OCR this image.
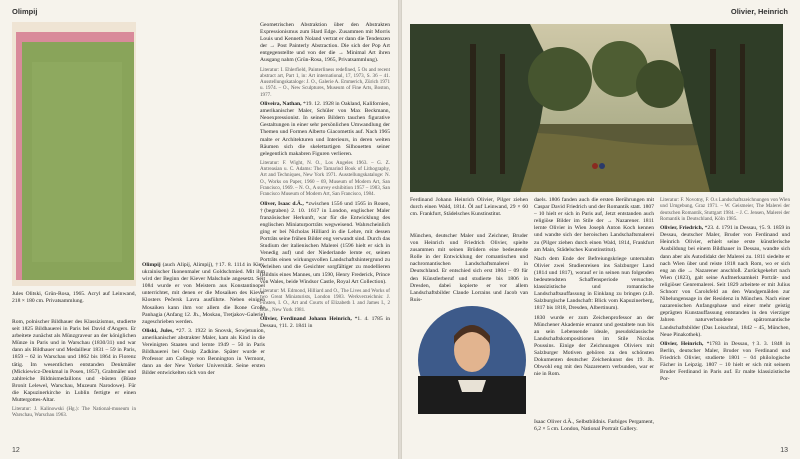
Olimpij
Jules Olitski, Grün-Rosa, 1965. Acryl auf Leinwand, 218 × 180 cm. Privatsammlung.

Rom, polnischer Bildhauer des Klassizismus, studierte seit 1825 Bildhauerei in Paris bei David d'Angers. Er arbeitete zunächst als Münzgraveur an der königlichen Münze in Paris und in Warschau (1830/31) und war dann als Bildhauer und Medailleur 1831 – 59 in Paris, 1859 – 62 in Warschau und 1862 bis 1864 in Florenz tätig. Im wesentlichen entstanden Denkmäler (Mickiewicz-Denkmal in Posen, 1857), Grabmäler und zahlreiche Bildnismedaillons und -büsten (Büste Bronit Lelewel, Warschau, Muzeum Narodowe). Für die Kapuzinerkirche in Lublin fertigte er einen Muttergottes-Altar.

Literatur: J. Kalinowski (Hg.): The National-museum in Warschau, Warschau 1963.

Olimpij (auch Alipij, Alimpij), †17. 8. 1114 in Kiev, ukrainischer Ikonenmaler und Goldschmied. Mit ihm wird der Beginn der Kiever Malschule angesetzt. Seit 1084 wurde er von Meistern aus Konstantinopel unterrichtet, mit denen er die Mosaiken des Kiever Klosters Pečersk Lavra ausführte. Neben einigen Mosaiken kann ihm vor allem die Ikone Große Panhagia (Anfang 12. Jh., Moskau, Tretjakov-Galerie) zugeschrieben werden.

Oliski, Jules, *27. 3. 1922 in Snovsk, Sowjetunion, amerikanischer abstrakter Maler, kam als Kind in die Vereinigten Staaten und lernte 1949 – 50 in Paris Bildhauerei bei Ossip Zadkine. Später wurde er Professor am College von Bennington in Vermont, dann an der New Yorker Universität. Seine ersten Bilder entwickelten sich von der

Geometrischen Abstraktion über den Abstrakten Expressionismus zum Hard Edge. Zusammen mit Morris Louis und Kenneth Noland vertrat er dann die Tendenzen der → Post Painterly Abstraction. Die sich der Pop Art entgegenstellte und von der die → Minimal Art ihren Ausgang nahm (Grün-Rosa, 1965, Privatsammlung).

Literatur: I. Ehlerfield, Painterliness redefined, 5 Os and recent abstract art, Part 1, in: Art international, 17, 1973, S. 36 – 41. Ausstellungskataloge: J. O., Galerie A. Emmerich, Zürich 1971 u. 1974. – O., New Sculptures, Museum of Fine Arts, Boston, 1977.

Oliveira, Nathan, *19. 12. 1928 in Oakland, Kalifornien, amerikanischer Maler, Schüler von Max Beckmann, Neoexpressionist. In seinen Bildern tauchen figurative Gestaltungen in einer sehr persönlichen Umwandlung der Themen und Formen Alberto Giacomettis auf. Nach 1965 malte er Architekturen und Interieurs, in deren weiten Räumen sich die skelettartigen Silhouetten seiner gelegentlich makabren Figuren verlieren.

Literatur: F. Wight, N. O., Los Angeles 1963. – G. Z. Antreasian u. C. Adams: The Tamarind Book of Lithography, Art and Techniques, New York 1971. Ausstellungskataloge: N. O., Works on Paper, 1960 – 69, Museum of Modern Art, San Francisco, 1969. – N. O., A survey exhibition 1957 – 1983, San Francisco Museum of Modern Art, San Francisco, 1984.

Oliver, Isaac d.Ä., *zwischen 1556 und 1565 in Rouen, †(begraben) 2. 10. 1617 in London, englischer Maler französischer Herkunft, war für die Entwicklung des englischen Miniaturporträts wegweisend. Wahrscheinlich ging er bei Nicholas Hilliard in die Lehre, mit dessen Porträts seine frühen Bilder eng verwandt sind. Durch das Studium der italienischen Malerei (1596 hielt er sich in Venedig auf) und der Niederlande lernte er, seinen Porträts einen wirkungsvollen Landschaftshintergrund zu verleihen und die Gesichter sorgfältiger zu modellieren (Bildnis eines Mannes, um 1590, Henry Frederick, Prince von Wales, beide Windsor Castle, Royal Art Collection).

Literatur: M. Edmond, Hilliard and O., The Lives and Works of two Great Miniaturists, London 1983. Werkverzeichnis: J. Finsten, I. O., Art and Courts of Elizabeth I. and James I., 2 Bde., New York 1981.

Olivier, Ferdinand Johann Heinrich, *1. 4. 1785 in Dessau, †11. 2. 1841 in

12
Olivier, Heinrich
Ferdinand Johann Heinrich Olivier, Pilger ziehen durch einen Wald, 1814. Öl auf Leinwand, 29 × 60 cm. Frankfurt, Städelsches Kunstinstitut.

München, deutscher Maler und Zeichner, Bruder von Heinrich und Friedrich Olivier, spielte zusammen mit seinen Brüdern eine bedeutende Rolle in der Entwicklung der romantischen und nachromantischen Landschaftsmalerei in Deutschland. Er entschied sich erst 1804 – 09 für den Künstlerberuf und studierte bis 1806 in Dresden, dabei kopierte er vor allem Landschaftsbilder Claude Lorrains und Jacob van Ruis-

daels. 1806 fanden auch die ersten Berührungen mit Caspar David Friedrich und der Romantik statt. 1807 – 10 hielt er sich in Paris auf, Jetzt entstanden auch religiöse Bilder im Stile der → Nazarener. 1811 lernte Olivier in Wien Joseph Anton Koch kennen und wandte sich der heroischen Landschaftsmalerei zu (Pilger ziehen durch einen Wald, 1814, Frankfurt am Main, Städelsches Kunstinstitut).

Nach dem Ende der Befreiungskriege unternahm Olivier zwei Studienreisen ins Salzburger Land (1814 und 1817), worauf er in seinen nun folgenden bedeutendsten Schaffensperiode versuchte, klassizistische und romantische Landschaftsauffassung in Einklang zu bringen (z.B. Salzburgische Landschaft: Blick vom Kapuzinerberg, 1817 bis 1818, Dresden, Albertinum).

1830 wurde er zum Zeichenprofessor an der Münchener Akademie ernannt und gestaltete nun bis an sein Lebensende ideale, pseudoklassische Landschaftskompositionen im Stile Nicolas Poussins. Einige der Zeichnungen Oliviers mit Salzburger Motiven gehören zu den schönsten Dokumenten deutscher Zeichenkunst des 19. Jh. Obwohl eng mit den Nazarenern verbunden, war er nie in Rom.

Isaac Oliver d.Ä., Selbstbildnis. Farbiges Pergament, 6,2 × 5 cm. London, National Portrait Gallery.

Literatur: F. Novotny, F. O.s Landschaftszeichnungen von Wien und Umgebung, Graz 1971. – W. Geismeier, The Malerei der deutschen Romantik, Stuttgart 1984. – J. C. Jensen, Malerei der Romantik in Deutschland, Köln 1985.

Olivier, Friedrich, *23. 4. 1791 in Dessau, †5. 9. 1859 in Dessau, deutscher Maler, Bruder von Ferdinand und Heinrich Olivier, erhielt seine erste künstlerische Ausbildung bei einem Bildhauer in Dessau, wandte sich dann aber als Autodidakt der Malerei zu. 1811 siedelte er nach Wien über und reiste 1818 nach Rom, wo er sich eng an die → Nazarener anschloß. Zurückgekehrt nach Wien (1823), galt seine Aufmerksamkeit Porträt- und religiöser Genremalerei. Seit 1829 arbeitete er mit Julius Schnorr von Carolsfeld an den Wandgemälden zur Nibelungensage in der Residenz in München. Nach einer nazarenischen Anfangsphase und einer mehr geistig geprägten Kunstauffassung entstanden in den vierziger Jahren naturverbundene spätromantische Landschaftsbilder (Das Loisachtal, 1842 – 45, München, Neue Pinakothek).

Olivier, Heinrich, *1783 in Dessau, †3. 3. 1848 in Berlin, deutscher Maler, Bruder von Ferdinand und Friedrich Olivier, studierte 1801 – 04 philologische Fächer in Leipzig. 1807 – 10 hielt er sich mit seinem Bruder Ferdinand in Paris auf. Er malte klassizistische Por-

13
